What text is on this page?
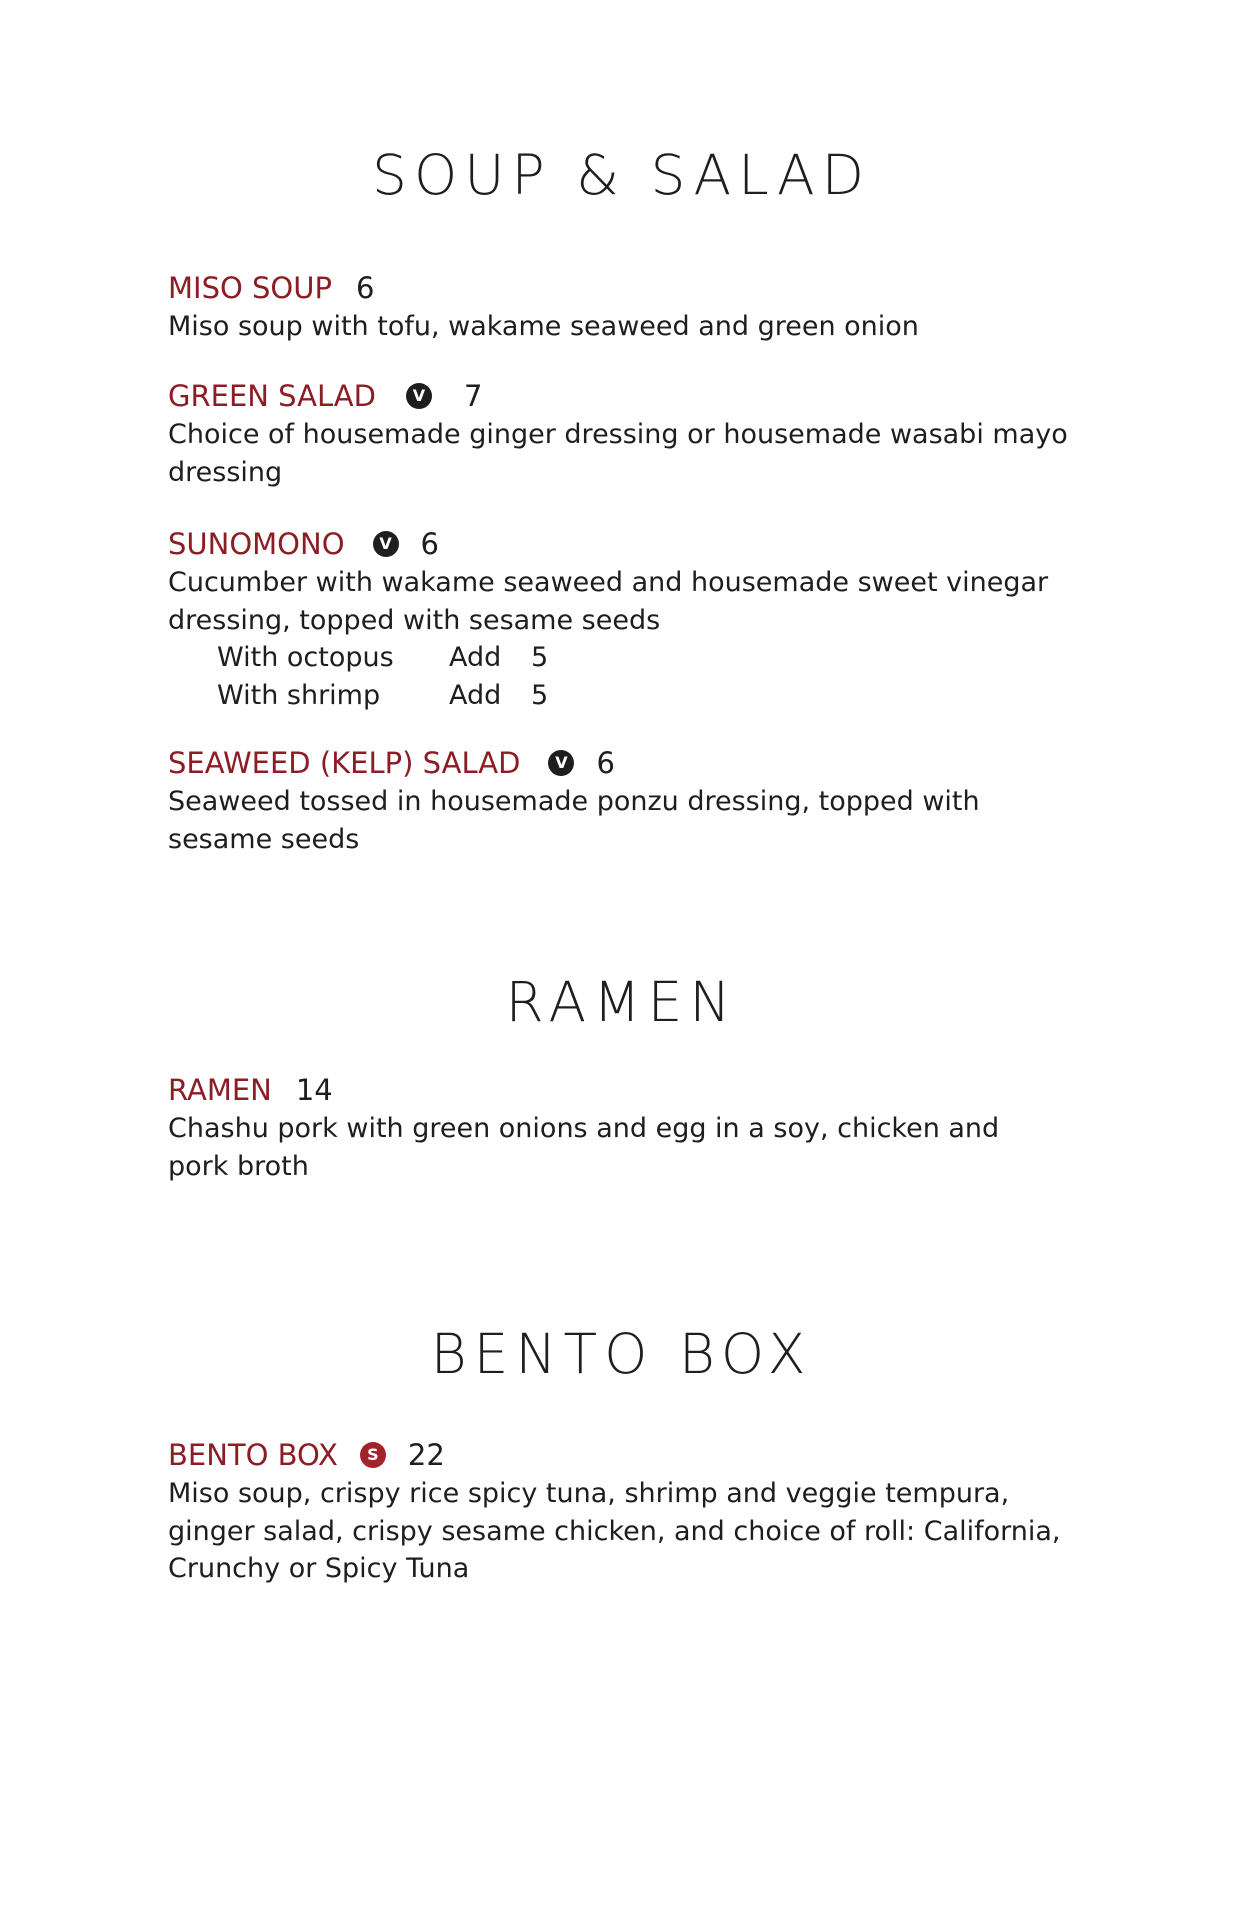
SOUP & SALAD
MISO SOUP 6
Miso soup with tofu, wakame seaweed and green onion
GREEN SALAD	V 7
Choice of housemade ginger dressing or housemade wasabi mayo dressing
SUNOMONO	V 6
Cucumber with wakame seaweed and housemade sweet vinegar dressing, topped with sesame seeds
With octopus	Add	5
With shrimp	Add	5
SEAWEED (KELP) SALAD	V 6
Seaweed tossed in housemade ponzu dressing, topped with sesame seeds
RAMEN
RAMEN 14
Chashu pork with green onions and egg in a soy, chicken and pork broth
BENTO BOX
BENTO BOX	S 22
Miso soup, crispy rice spicy tuna, shrimp and veggie tempura, ginger salad, crispy sesame chicken, and choice of roll: California, Crunchy or Spicy Tuna
